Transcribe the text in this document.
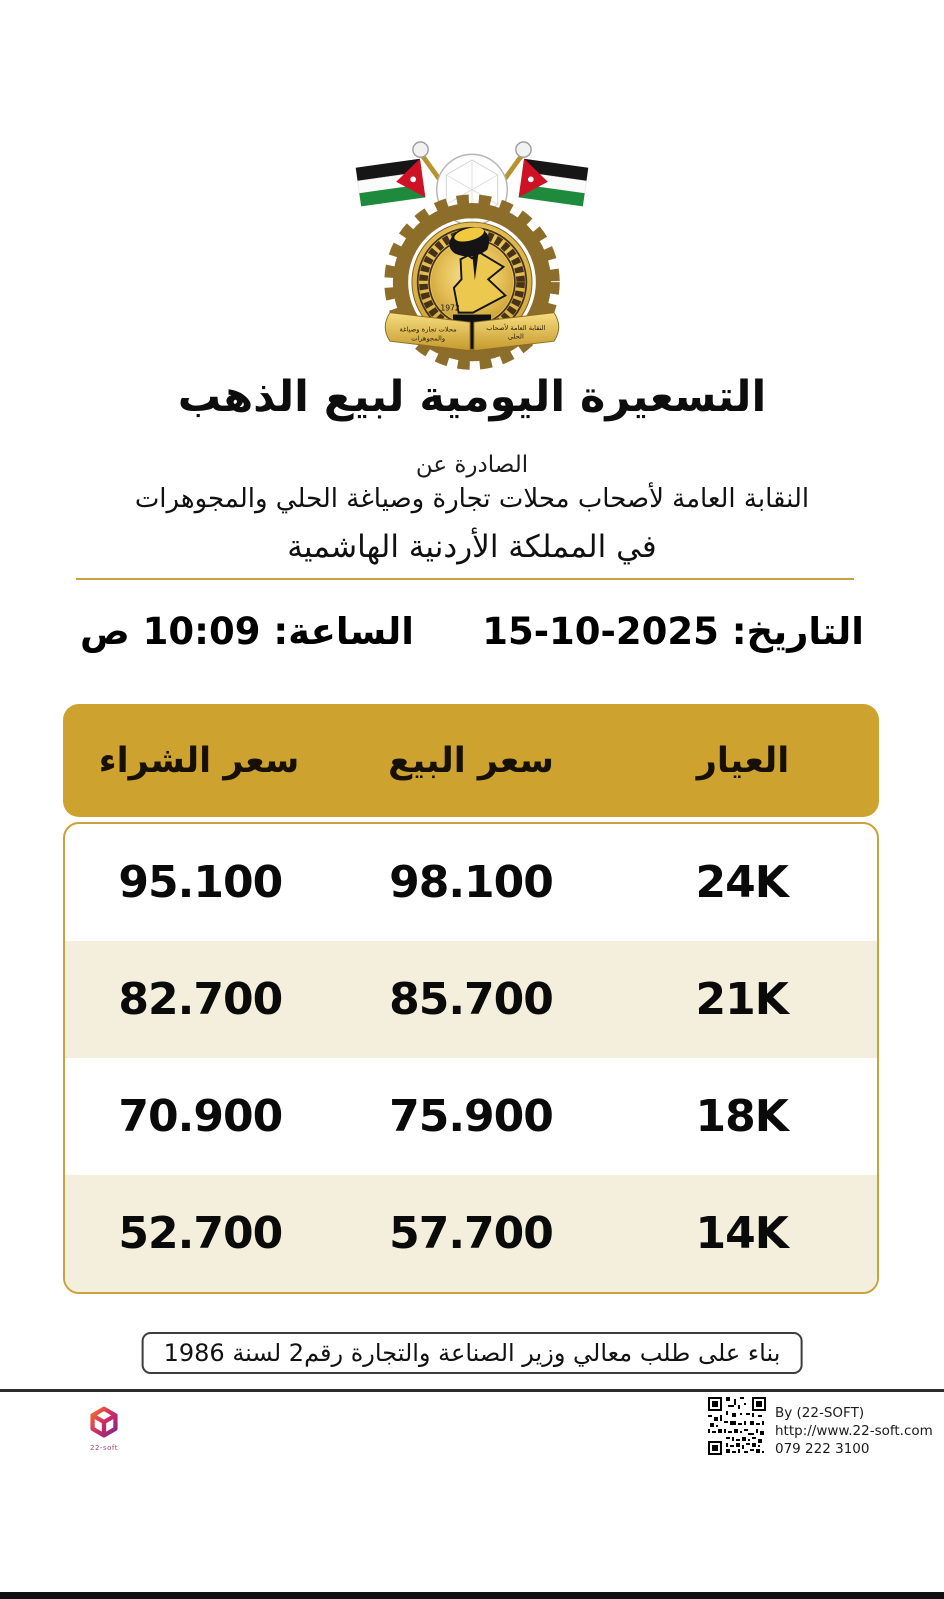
1972
النقابة العامة لأصحاب
الحلي
محلات تجارة وصياغة
والمجوهرات
التسعيرة اليومية لبيع الذهب
الصادرة عن
النقابة العامة لأصحاب محلات تجارة وصياغة الحلي والمجوهرات
في المملكة الأردنية الهاشمية
التاريخ: 15-10-2025
الساعة: 10:09 ص
العيار
سعر البيع
سعر الشراء
24K
98.100
95.100
21K
85.700
82.700
18K
75.900
70.900
14K
57.700
52.700
بناء على طلب معالي وزير الصناعة والتجارة رقم2 لسنة 1986
22-soft
By (22-SOFT)
http://www.22-soft.com
079 222 3100
